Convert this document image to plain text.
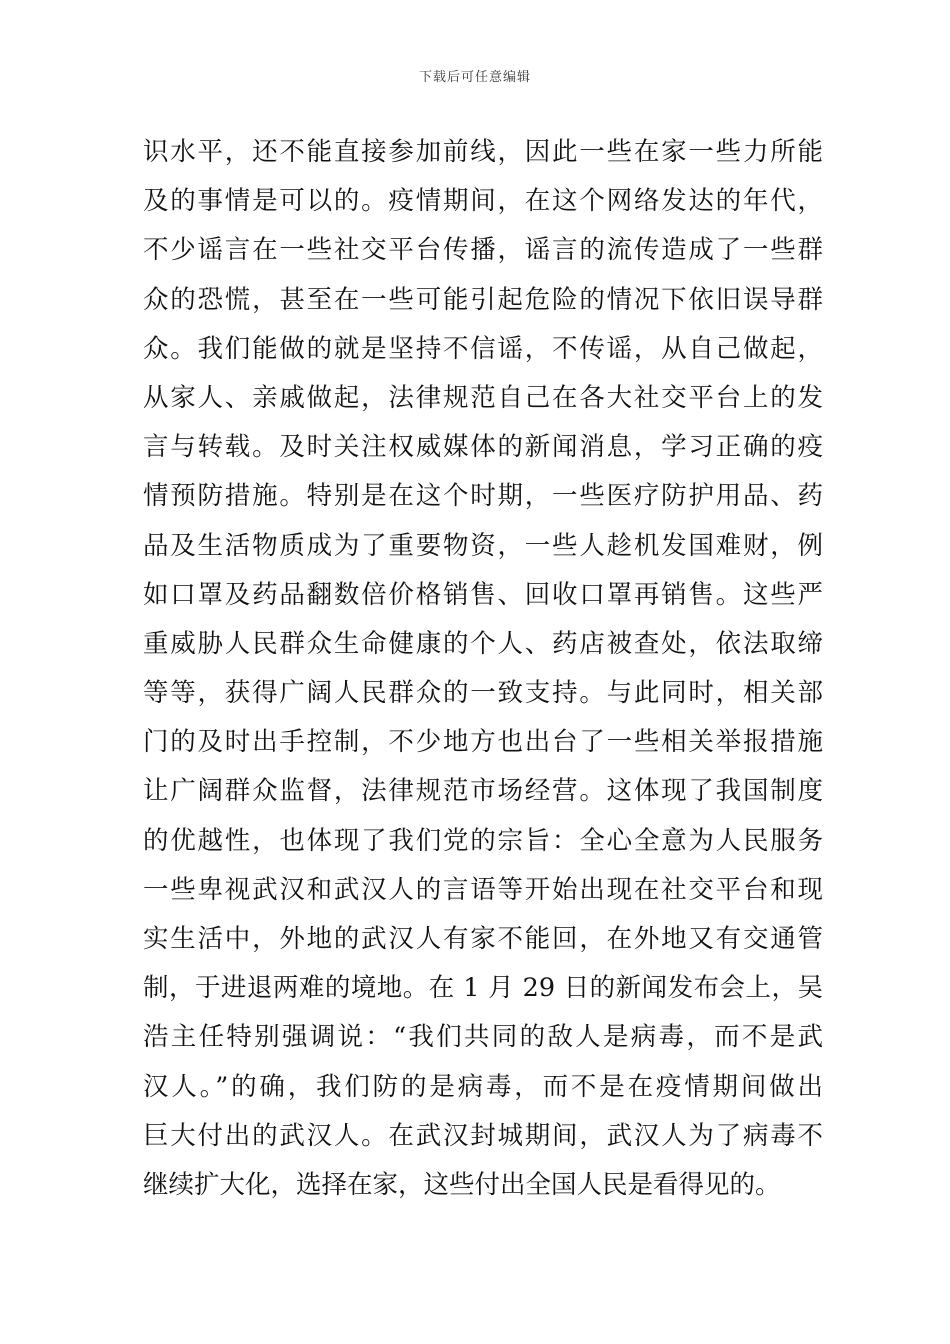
下载后可任意编辑
识水平，还不能直接参加前线，因此一些在家一些力所能
及的事情是可以的。疫情期间，在这个网络发达的年代，
不少谣言在一些社交平台传播，谣言的流传造成了一些群
众的恐慌，甚至在一些可能引起危险的情况下依旧误导群
众。我们能做的就是坚持不信谣，不传谣，从自己做起，
从家人、亲戚做起，法律规范自己在各大社交平台上的发
言与转载。及时关注权威媒体的新闻消息，学习正确的疫
情预防措施。特别是在这个时期，一些医疗防护用品、药
品及生活物质成为了重要物资，一些人趁机发国难财，例
如口罩及药品翻数倍价格销售、回收口罩再销售。这些严
重威胁人民群众生命健康的个人、药店被查处，依法取缔
等等，获得广阔人民群众的一致支持。与此同时，相关部
门的及时出手控制，不少地方也出台了一些相关举报措施
让广阔群众监督，法律规范市场经营。这体现了我国制度
的优越性，也体现了我们党的宗旨：全心全意为人民服务
一些卑视武汉和武汉人的言语等开始出现在社交平台和现
实生活中，外地的武汉人有家不能回，在外地又有交通管
制，于进退两难的境地。在 1 月 29 日的新闻发布会上，吴
浩主任特别强调说：“我们共同的敌人是病毒，而不是武
汉人。”的确，我们防的是病毒，而不是在疫情期间做出
巨大付出的武汉人。在武汉封城期间，武汉人为了病毒不
继续扩大化，选择在家，这些付出全国人民是看得见的。
